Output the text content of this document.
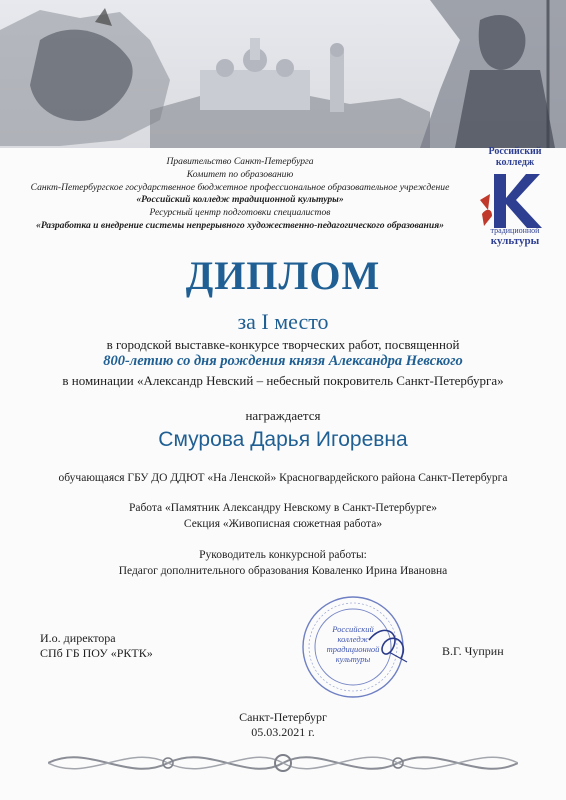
Правительство Санкт-Петербурга
Комитет по образованию
Санкт-Петербургское государственное бюджетное профессиональное образовательное учреждение
«Российский колледж традиционной культуры»
Ресурсный центр подготовки специалистов
«Разработка и внедрение системы непрерывного художественно-педагогического образования»
Российский колледж
традиционной
культуры
ДИПЛОМ
за I место
в городской выставке-конкурсе творческих работ, посвященной
800-летию со дня рождения князя Александра Невского
в номинации «Александр Невский – небесный покровитель Санкт-Петербурга»
награждается
Смурова Дарья Игоревна
обучающаяся ГБУ ДО ДДЮТ «На Ленской» Красногвардейского района Санкт-Петербурга
Работа «Памятник Александру Невскому в Санкт-Петербурге»
Секция «Живописная сюжетная работа»
Руководитель конкурсной работы:
Педагог дополнительного образования Коваленко Ирина Ивановна
И.о. директора
СПб ГБ ПОУ «РКТК»
Российский
колледж
традиционной
культуры
В.Г. Чуприн
Санкт-Петербург
05.03.2021 г.
